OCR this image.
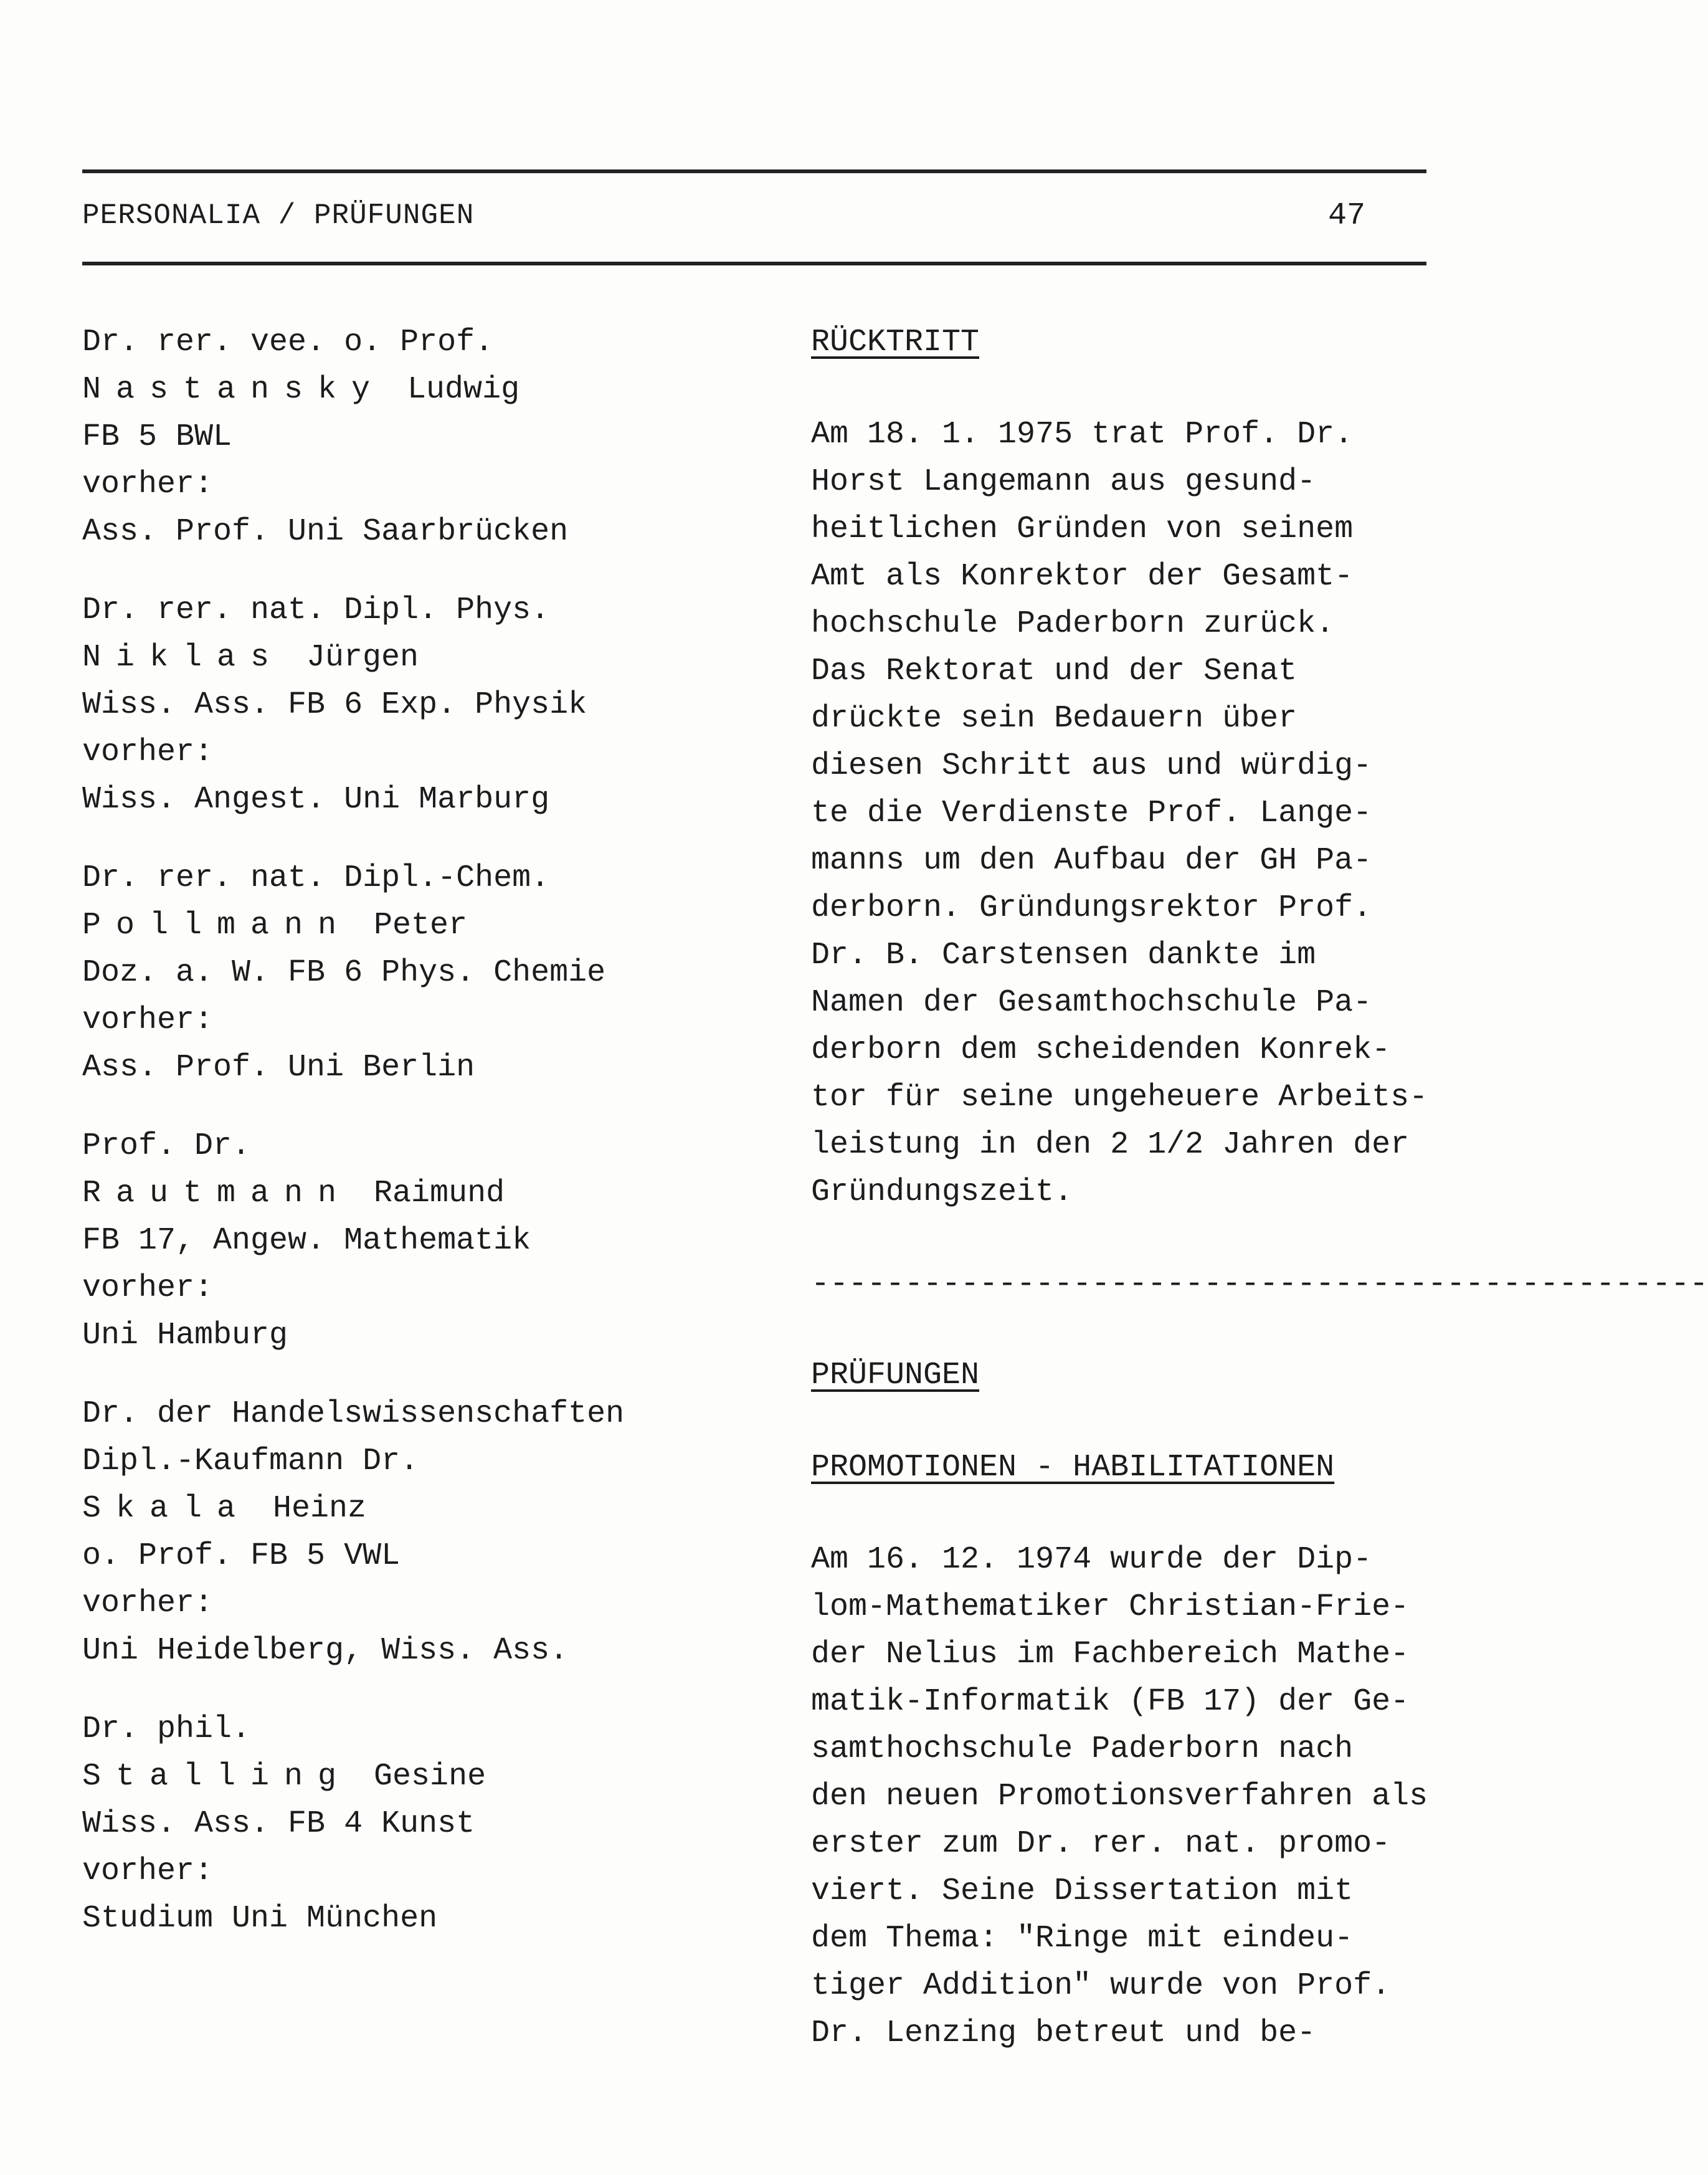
PERSONALIA / PRÜFUNGEN	47
Dr. rer. vee. o. Prof.
Nastansky Ludwig
FB 5 BWL
vorher:
Ass. Prof. Uni Saarbrücken
Dr. rer. nat. Dipl. Phys.
Niklas Jürgen
Wiss. Ass. FB 6 Exp. Physik
vorher:
Wiss. Angest. Uni Marburg
Dr. rer. nat. Dipl.-Chem.
Pollmann Peter
Doz. a. W. FB 6 Phys. Chemie
vorher:
Ass. Prof. Uni Berlin
Prof. Dr.
Rautmann Raimund
FB 17, Angew. Mathematik
vorher:
Uni Hamburg
Dr. der Handelswissenschaften
Dipl.-Kaufmann Dr.
Skala Heinz
o. Prof. FB 5 VWL
vorher:
Uni Heidelberg, Wiss. Ass.
Dr. phil.
Stalling Gesine
Wiss. Ass. FB 4 Kunst
vorher:
Studium Uni München
RÜCKTRITT
Am 18. 1. 1975 trat Prof. Dr.
Horst Langemann aus gesund-
heitlichen Gründen von seinem
Amt als Konrektor der Gesamt-
hochschule Paderborn zurück.
Das Rektorat und der Senat
drückte sein Bedauern über
diesen Schritt aus und würdig-
te die Verdienste Prof. Lange-
manns um den Aufbau der GH Pa-
derborn. Gründungsrektor Prof.
Dr. B. Carstensen dankte im
Namen der Gesamthochschule Pa-
derborn dem scheidenden Konrek-
tor für seine ungeheuere Arbeits-
leistung in den 2 1/2 Jahren der
Gründungszeit.
------------------------------------------------
PRÜFUNGEN
PROMOTIONEN - HABILITATIONEN
Am 16. 12. 1974 wurde der Dip-
lom-Mathematiker Christian-Frie-
der Nelius im Fachbereich Mathe-
matik-Informatik (FB 17) der Ge-
samthochschule Paderborn nach
den neuen Promotionsverfahren als
erster zum Dr. rer. nat. promo-
viert. Seine Dissertation mit
dem Thema: "Ringe mit eindeu-
tiger Addition" wurde von Prof.
Dr. Lenzing betreut und be-
